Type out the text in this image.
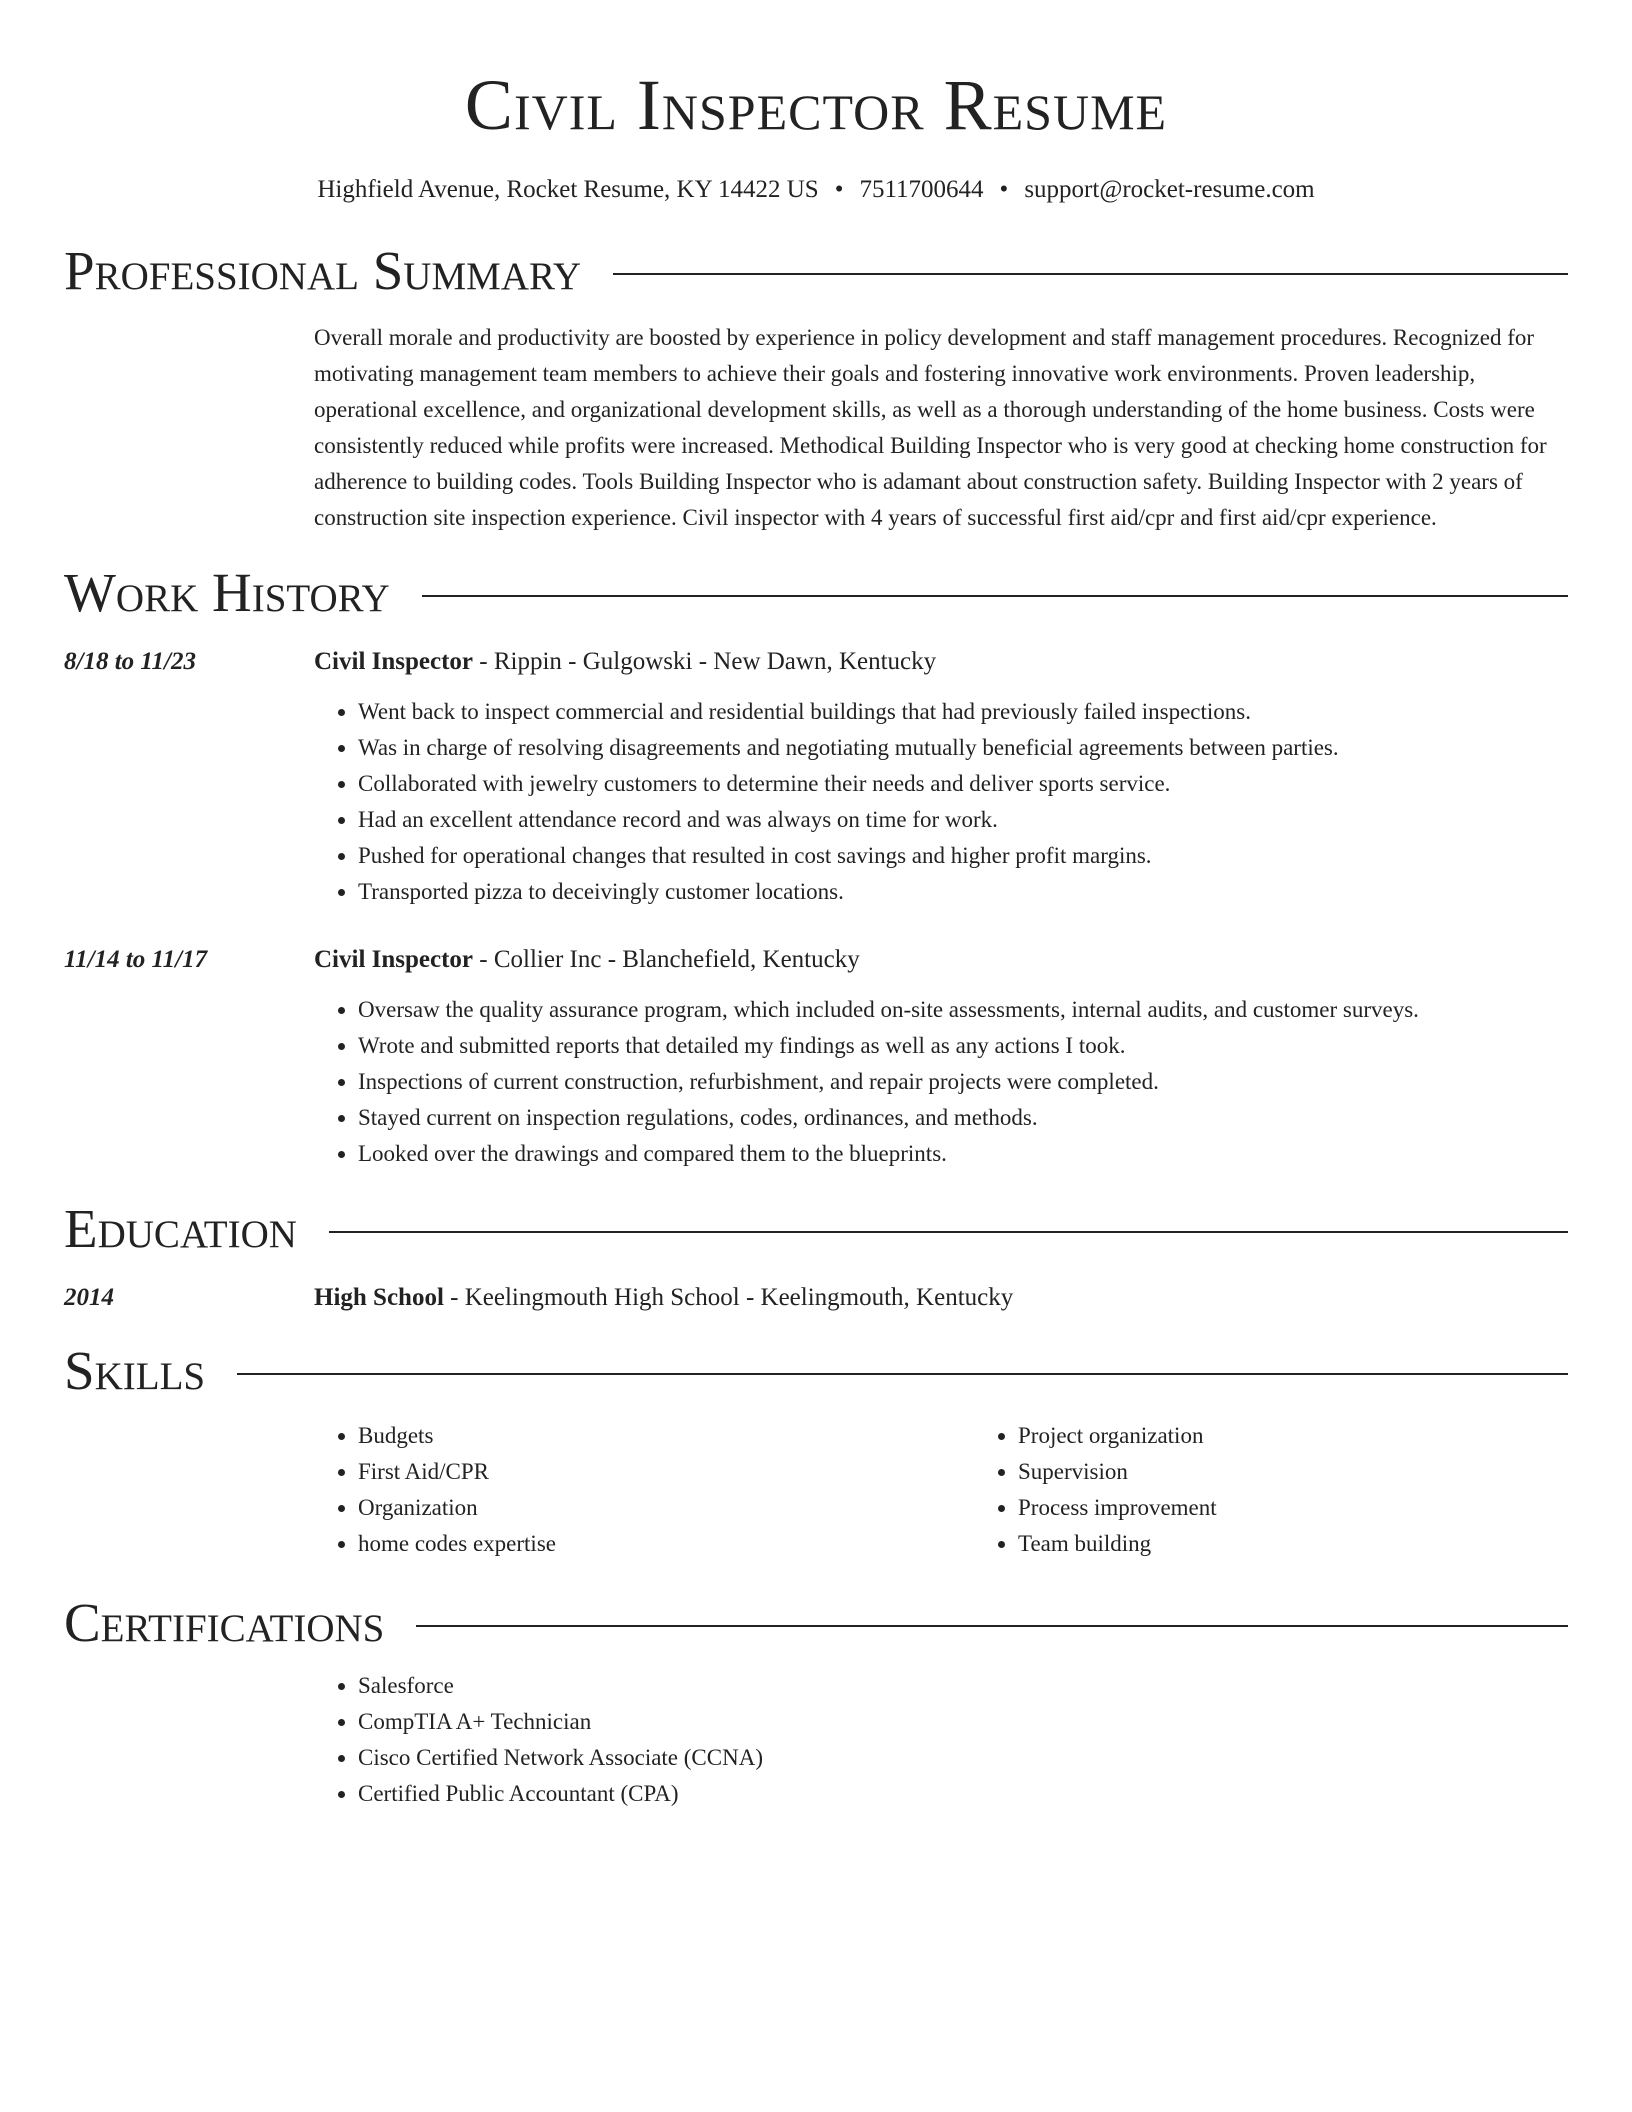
Civil Inspector Resume
Highfield Avenue, Rocket Resume, KY 14422 US • 7511700644 • support@rocket-resume.com
Professional Summary
Overall morale and productivity are boosted by experience in policy development and staff management procedures. Recognized for motivating management team members to achieve their goals and fostering innovative work environments. Proven leadership, operational excellence, and organizational development skills, as well as a thorough understanding of the home business. Costs were consistently reduced while profits were increased. Methodical Building Inspector who is very good at checking home construction for adherence to building codes. Tools Building Inspector who is adamant about construction safety. Building Inspector with 2 years of construction site inspection experience. Civil inspector with 4 years of successful first aid/cpr and first aid/cpr experience.
Work History
8/18 to 11/23	Civil Inspector - Rippin - Gulgowski - New Dawn, Kentucky
• Went back to inspect commercial and residential buildings that had previously failed inspections.
• Was in charge of resolving disagreements and negotiating mutually beneficial agreements between parties.
• Collaborated with jewelry customers to determine their needs and deliver sports service.
• Had an excellent attendance record and was always on time for work.
• Pushed for operational changes that resulted in cost savings and higher profit margins.
• Transported pizza to deceivingly customer locations.
11/14 to 11/17	Civil Inspector - Collier Inc - Blanchefield, Kentucky
• Oversaw the quality assurance program, which included on-site assessments, internal audits, and customer surveys.
• Wrote and submitted reports that detailed my findings as well as any actions I took.
• Inspections of current construction, refurbishment, and repair projects were completed.
• Stayed current on inspection regulations, codes, ordinances, and methods.
• Looked over the drawings and compared them to the blueprints.
Education
2014	High School - Keelingmouth High School - Keelingmouth, Kentucky
Skills
• Budgets
• First Aid/CPR
• Organization
• home codes expertise
• Project organization
• Supervision
• Process improvement
• Team building
Certifications
• Salesforce
• CompTIA A+ Technician
• Cisco Certified Network Associate (CCNA)
• Certified Public Accountant (CPA)
